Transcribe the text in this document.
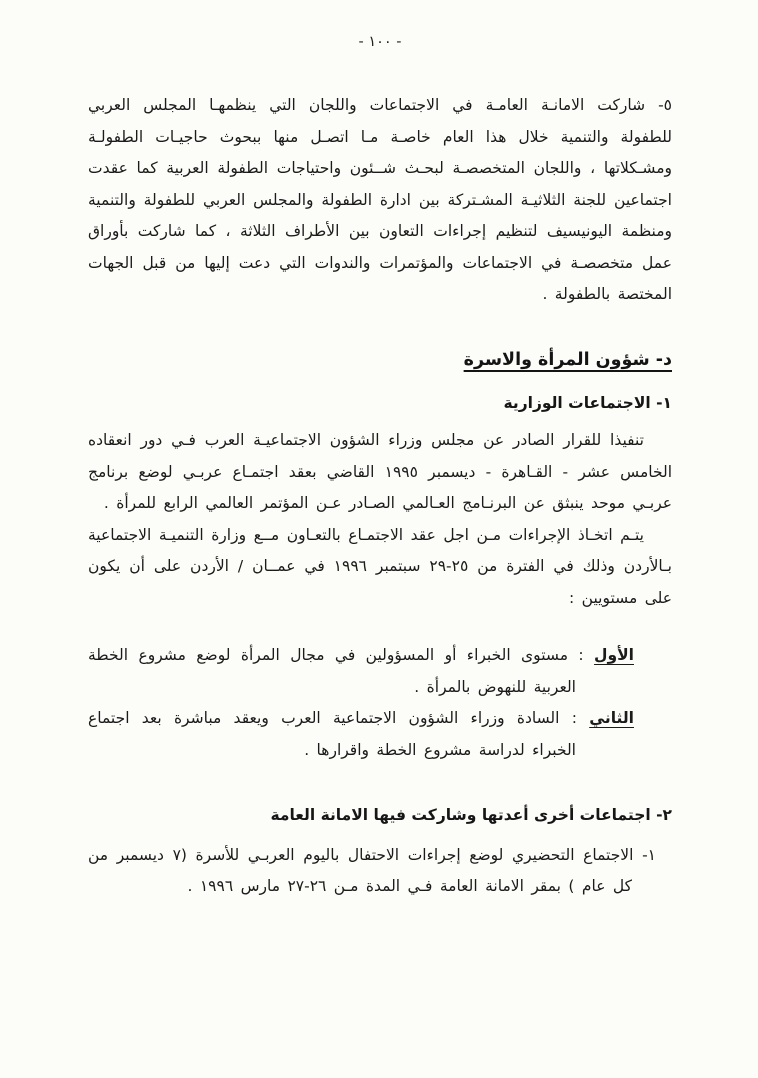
- ١٠٠ -

٥- شاركت الامانـة العامـة في الاجتماعات واللجان التي ينظمهـا المجلس العربي للطفولة والتنمية خلال هذا العام خاصـة مـا اتصـل منها ببحوث حاجيـات الطفولـة ومشـكلاتها ، واللجان المتخصصـة لبحـث شــئون واحتياجات الطفولة العربية كما عقدت اجتماعين للجنة الثلاثيـة المشـتركة بين ادارة الطفولة والمجلس العربي للطفولة والتنمية ومنظمة اليونيسيف لتنظيم إجراءات التعاون بين الأطراف الثلاثة ، كما شاركت بأوراق عمل متخصصـة في الاجتماعات والمؤتمرات والندوات التي دعت إليها من قبل الجهات المختصة بالطفولة .

د- شؤون المرأة والاسرة

١- الاجتماعات الوزارية

تنفيذا للقرار الصادر عن مجلس وزراء الشؤون الاجتماعيـة العرب فـي دور انعقاده الخامس عشر - القـاهرة - ديسمبر ١٩٩٥ القاضي بعقد اجتمـاع عربـي لوضع برنامج عربـي موحد ينبثق عن البرنـامج العـالمي الصـادر عـن المؤتمر العالمي الرابع للمرأة .

يتـم اتخـاذ الإجراءات مـن اجل عقد الاجتمـاع بالتعـاون مــع وزارة التنميـة الاجتماعية بـالأردن وذلك في الفترة من ٢٥-٢٩ سبتمبر ١٩٩٦ في عمــان / الأردن على أن يكون على مستويين :

الأول : مستوى الخبراء أو المسؤولين في مجال المرأة لوضع مشروع الخطة العربية للنهوض بالمرأة .

الثاني : السادة وزراء الشؤون الاجتماعية العرب ويعقد مباشرة بعد اجتماع الخبراء لدراسة مشروع الخطة واقرارها .

٢- اجتماعات أخرى أعدتها وشاركت فيها الامانة العامة

١- الاجتماع التحضيري لوضع إجراءات الاحتفال باليوم العربـي للأسرة (٧ ديسمبر من كل عام ) بمقر الامانة العامة فـي المدة مـن ٢٦-٢٧ مارس ١٩٩٦ .
